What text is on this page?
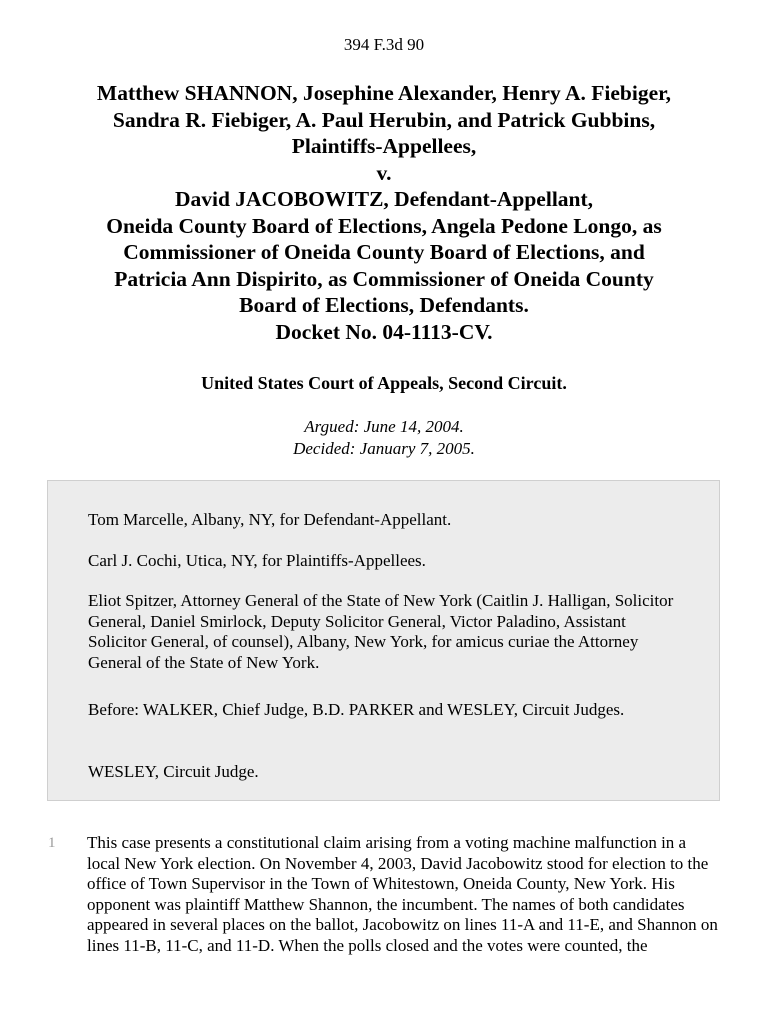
394 F.3d 90
Matthew SHANNON, Josephine Alexander, Henry A. Fiebiger,
Sandra R. Fiebiger, A. Paul Herubin, and Patrick Gubbins,
Plaintiffs-Appellees,
v.
David JACOBOWITZ, Defendant-Appellant,
Oneida County Board of Elections, Angela Pedone Longo, as
Commissioner of Oneida County Board of Elections, and
Patricia Ann Dispirito, as Commissioner of Oneida County
Board of Elections, Defendants.
Docket No. 04-1113-CV.
United States Court of Appeals, Second Circuit.
Argued: June 14, 2004.
Decided: January 7, 2005.

Tom Marcelle, Albany, NY, for Defendant-Appellant.

Carl J. Cochi, Utica, NY, for Plaintiffs-Appellees.

Eliot Spitzer, Attorney General of the State of New York (Caitlin J. Halligan, Solicitor General, Daniel Smirlock, Deputy Solicitor General, Victor Paladino, Assistant Solicitor General, of counsel), Albany, New York, for amicus curiae the Attorney General of the State of New York.

Before: WALKER, Chief Judge, B.D. PARKER and WESLEY, Circuit Judges.

WESLEY, Circuit Judge.

1 This case presents a constitutional claim arising from a voting machine malfunction in a local New York election. On November 4, 2003, David Jacobowitz stood for election to the office of Town Supervisor in the Town of Whitestown, Oneida County, New York. His opponent was plaintiff Matthew Shannon, the incumbent. The names of both candidates appeared in several places on the ballot, Jacobowitz on lines 11-A and 11-E, and Shannon on lines 11-B, 11-C, and 11-D. When the polls closed and the votes were counted, the
